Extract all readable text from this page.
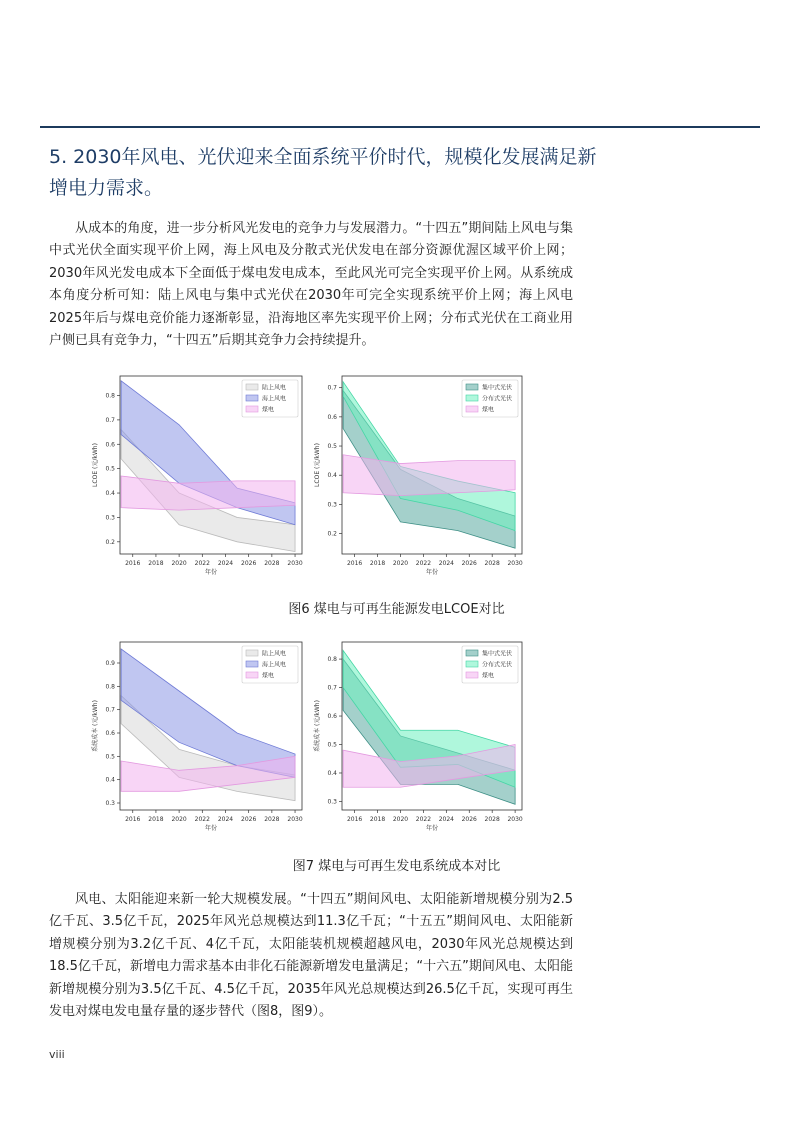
5. 2030年风电、光伏迎来全面系统平价时代，规模化发展满足新增电力需求。

从成本的角度，进一步分析风光发电的竞争力与发展潜力。“十四五”期间陆上风电与集中式光伏全面实现平价上网，海上风电及分散式光伏发电在部分资源优渥区域平价上网；2030年风光发电成本下全面低于煤电发电成本，至此风光可完全实现平价上网。从系统成本角度分析可知：陆上风电与集中式光伏在2030年可完全实现系统平价上网；海上风电2025年后与煤电竞价能力逐渐彰显，沿海地区率先实现平价上网；分布式光伏在工商业用户侧已具有竞争力，“十四五”后期其竞争力会持续提升。

2016 2018 2020 2022 2024 2026 2028 2030
0.2
0.3
0.4
0.5
0.6
0.7
0.8
年份
LCOE (元/kWh)
陆上风电
海上风电
煤电
2016 2018 2020 2022 2024 2026 2028 2030
0.2
0.3
0.4
0.5
0.6
0.7
年份
LCOE (元/kWh)
集中式光伏
分布式光伏
煤电
图6 煤电与可再生能源发电LCOE对比
2016 2018 2020 2022 2024 2026 2028 2030
0.3
0.4
0.5
0.6
0.7
0.8
0.9
年份
系统成本 (元/kWh)
陆上风电
海上风电
煤电
2016 2018 2020 2022 2024 2026 2028 2030
0.3
0.4
0.5
0.6
0.7
0.8
年份
系统成本 (元/kWh)
集中式光伏
分布式光伏
煤电
图7 煤电与可再生发电系统成本对比

风电、太阳能迎来新一轮大规模发展。“十四五”期间风电、太阳能新增规模分别为2.5亿千瓦、3.5亿千瓦，2025年风光总规模达到11.3亿千瓦；“十五五”期间风电、太阳能新增规模分别为3.2亿千瓦、4亿千瓦，太阳能装机规模超越风电，2030年风光总规模达到18.5亿千瓦，新增电力需求基本由非化石能源新增发电量满足；“十六五”期间风电、太阳能新增规模分别为3.5亿千瓦、4.5亿千瓦，2035年风光总规模达到26.5亿千瓦，实现可再生发电对煤电发电量存量的逐步替代（图8，图9）。

viii
